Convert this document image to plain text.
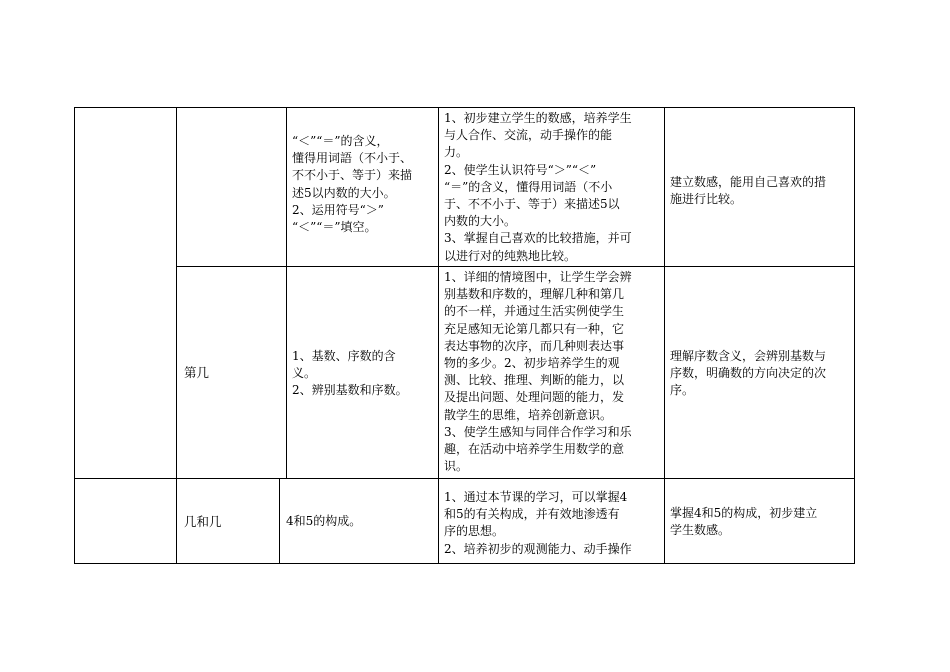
“＜”“＝”的含义，
懂得用词語（不小于、
不不小于、等于）来描
述5以内数的大小。
2、运用符号“＞”
“＜”“＝”填空。
1、初步建立学生的数感，培养学生
与人合作、交流，动手操作的能
力。
2、使学生认识符号“＞”“＜”
“＝”的含义，懂得用词語（不小
于、不不小于、等于）来描述5以
内数的大小。
3、掌握自己喜欢的比较措施，并可
以进行对的纯熟地比较。
建立数感，能用自己喜欢的措
施进行比较。
第几
1、基数、序数的含
义。
2、辨别基数和序数。
1、详细的情境图中，让学生学会辨
别基数和序数的，理解几种和第几
的不一样，并通过生活实例使学生
充足感知无论第几都只有一种，它
表达事物的次序，而几种则表达事
物的多少。2、初步培养学生的观
测、比较、推理、判断的能力，以
及提出问题、处理问题的能力，发
散学生的思维，培养创新意识。
3、使学生感知与同伴合作学习和乐
趣，在活动中培养学生用数学的意
识。
理解序数含义，会辨别基数与
序数，明确数的方向决定的次
序。
几和几	4和5的构成。
1、通过本节课的学习，可以掌握4
和5的有关构成，并有效地渗透有
序的思想。
2、培养初步的观测能力、动手操作
掌握4和5的构成，初步建立
学生数感。
